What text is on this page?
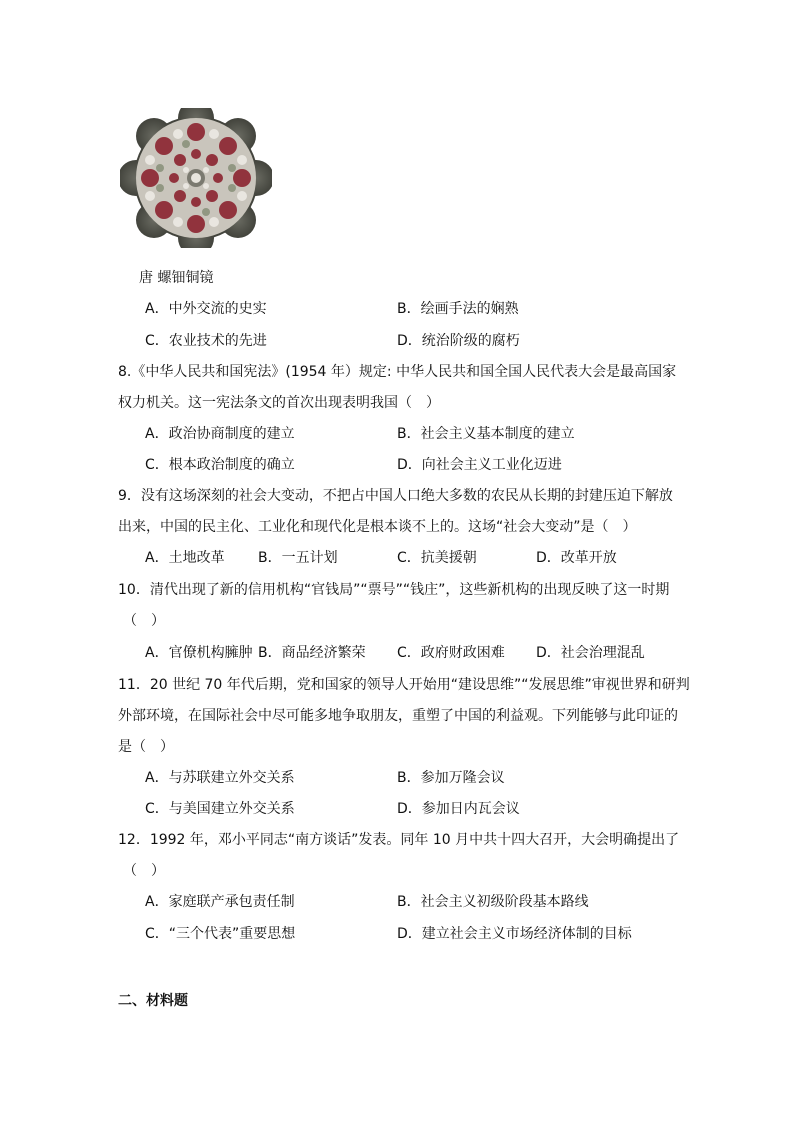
唐 螺钿铜镜
A．中外交流的史实	B．绘画手法的娴熟
C．农业技术的先进	D．统治阶级的腐朽
8.《中华人民共和国宪法》(1954 年）规定: 中华人民共和国全国人民代表大会是最高国家
权力机关。这一宪法条文的首次出现表明我国（　）
A．政治协商制度的建立	B．社会主义基本制度的建立
C．根本政治制度的确立	D．向社会主义工业化迈进
9．没有这场深刻的社会大变动，不把占中国人口绝大多数的农民从长期的封建压迫下解放
出来，中国的民主化、工业化和现代化是根本谈不上的。这场“社会大变动”是（　）
A．土地改革 B．一五计划	C．抗美援朝	D．改革开放
10．清代出现了新的信用机构“官钱局”“票号”“钱庄”，这些新机构的出现反映了这一时期
（　）
A．官僚机构臃肿 B．商品经济繁荣 C．政府财政困难 D．社会治理混乱
11．20 世纪 70 年代后期，党和国家的领导人开始用“建设思维”“发展思维”审视世界和研判
外部环境，在国际社会中尽可能多地争取朋友，重塑了中国的利益观。下列能够与此印证的
是（　）
A．与苏联建立外交关系	B．参加万隆会议
C．与美国建立外交关系	D．参加日内瓦会议
12．1992 年，邓小平同志“南方谈话”发表。同年 10 月中共十四大召开，大会明确提出了
（　）
A．家庭联产承包责任制	B．社会主义初级阶段基本路线
C．“三个代表”重要思想	D．建立社会主义市场经济体制的目标
二、材料题
